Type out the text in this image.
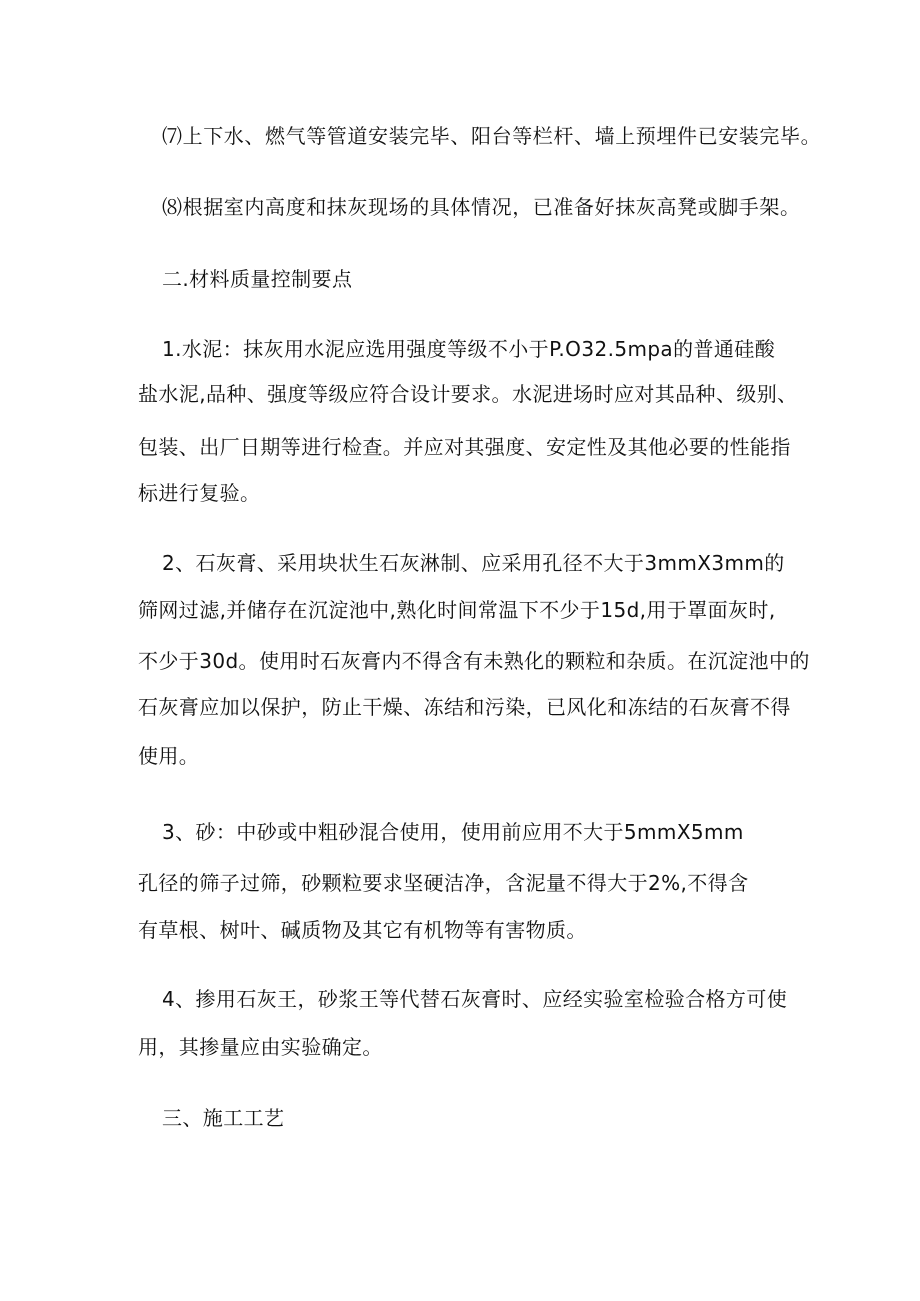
⑺上下水、燃气等管道安装完毕、阳台等栏杆、墙上预埋件已安装完毕。
⑻根据室内高度和抹灰现场的具体情况，已准备好抹灰高凳或脚手架。
二.材料质量控制要点
1.水泥：抹灰用水泥应选用强度等级不小于P.O32.5mpa的普通硅酸
盐水泥,品种、强度等级应符合设计要求。水泥进场时应对其品种、级别、
包装、出厂日期等进行检查。并应对其强度、安定性及其他必要的性能指
标进行复验。
2、石灰膏、采用块状生石灰淋制、应采用孔径不大于3mmX3mm的
筛网过滤,并储存在沉淀池中,熟化时间常温下不少于15d,用于罩面灰时,
不少于30d。使用时石灰膏内不得含有未熟化的颗粒和杂质。在沉淀池中的
石灰膏应加以保护，防止干燥、冻结和污染，已风化和冻结的石灰膏不得
使用。
3、砂：中砂或中粗砂混合使用，使用前应用不大于5mmX5mm
孔径的筛子过筛，砂颗粒要求坚硬洁净，含泥量不得大于2%,不得含
有草根、树叶、碱质物及其它有机物等有害物质。
4、掺用石灰王，砂浆王等代替石灰膏时、应经实验室检验合格方可使
用，其掺量应由实验确定。
三、施工工艺
